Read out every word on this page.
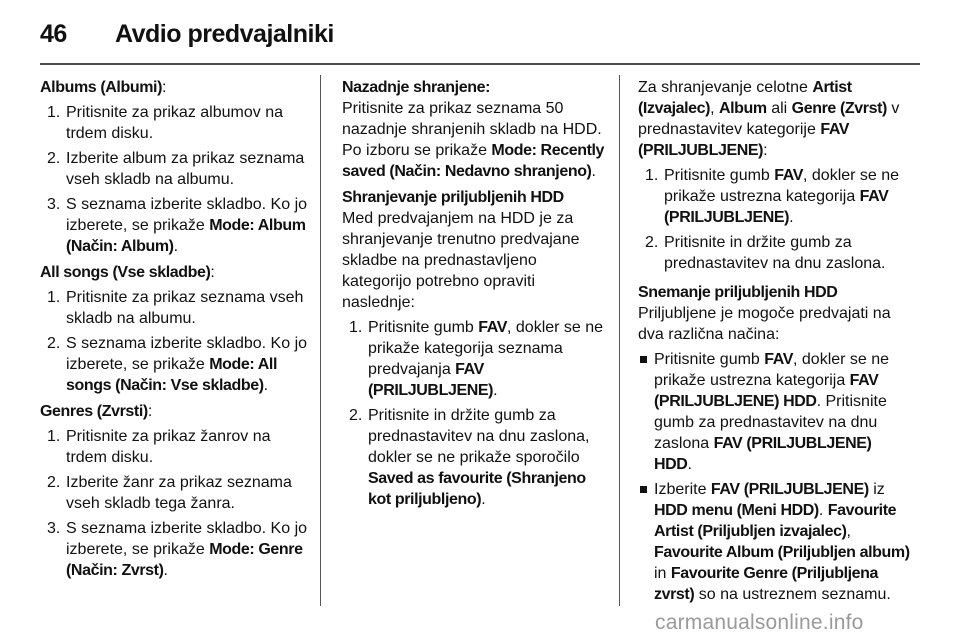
46 Avdio predvajalniki

Albums (Albumi):

1. Pritisnite za prikaz albumov na trdem disku.
2. Izberite album za prikaz seznama vseh skladb na albumu.
3. S seznama izberite skladbo. Ko jo izberete, se prikaže Mode: Album (Način: Album).

All songs (Vse skladbe):

1. Pritisnite za prikaz seznama vseh skladb na albumu.
2. S seznama izberite skladbo. Ko jo izberete, se prikaže Mode: All songs (Način: Vse skladbe).

Genres (Zvrsti):

1. Pritisnite za prikaz žanrov na trdem disku.
2. Izberite žanr za prikaz seznama vseh skladb tega žanra.
3. S seznama izberite skladbo. Ko jo izberete, se prikaže Mode: Genre (Način: Zvrst).

Nazadnje shranjene:

Pritisnite za prikaz seznama 50 nazadnje shranjenih skladb na HDD. Po izboru se prikaže Mode: Recently saved (Način: Nedavno shranjeno).

Shranjevanje priljubljenih HDD

Med predvajanjem na HDD je za shranjevanje trenutno predvajane skladbe na prednastavljeno kategorijo potrebno opraviti naslednje:

1. Pritisnite gumb FAV, dokler se ne prikaže kategorija seznama predvajanja FAV (PRILJUBLJENE).
2. Pritisnite in držite gumb za prednastavitev na dnu zaslona, dokler se ne prikaže sporočilo Saved as favourite (Shranjeno kot priljubljeno).

Za shranjevanje celotne Artist (Izvajalec), Album ali Genre (Zvrst) v prednastavitev kategorije FAV (PRILJUBLJENE):

1. Pritisnite gumb FAV, dokler se ne prikaže ustrezna kategorija FAV (PRILJUBLJENE).
2. Pritisnite in držite gumb za prednastavitev na dnu zaslona.

Snemanje priljubljenih HDD

Priljubljene je mogoče predvajati na dva različna načina:

Pritisnite gumb FAV, dokler se ne prikaže ustrezna kategorija FAV (PRILJUBLJENE) HDD. Pritisnite gumb za prednastavitev na dnu zaslona FAV (PRILJUBLJENE) HDD.
Izberite FAV (PRILJUBLJENE) iz HDD menu (Meni HDD). Favourite Artist (Priljubljen izvajalec), Favourite Album (Priljubljen album) in Favourite Genre (Priljubljena zvrst) so na ustreznem seznamu.
carmanualsonline.info
